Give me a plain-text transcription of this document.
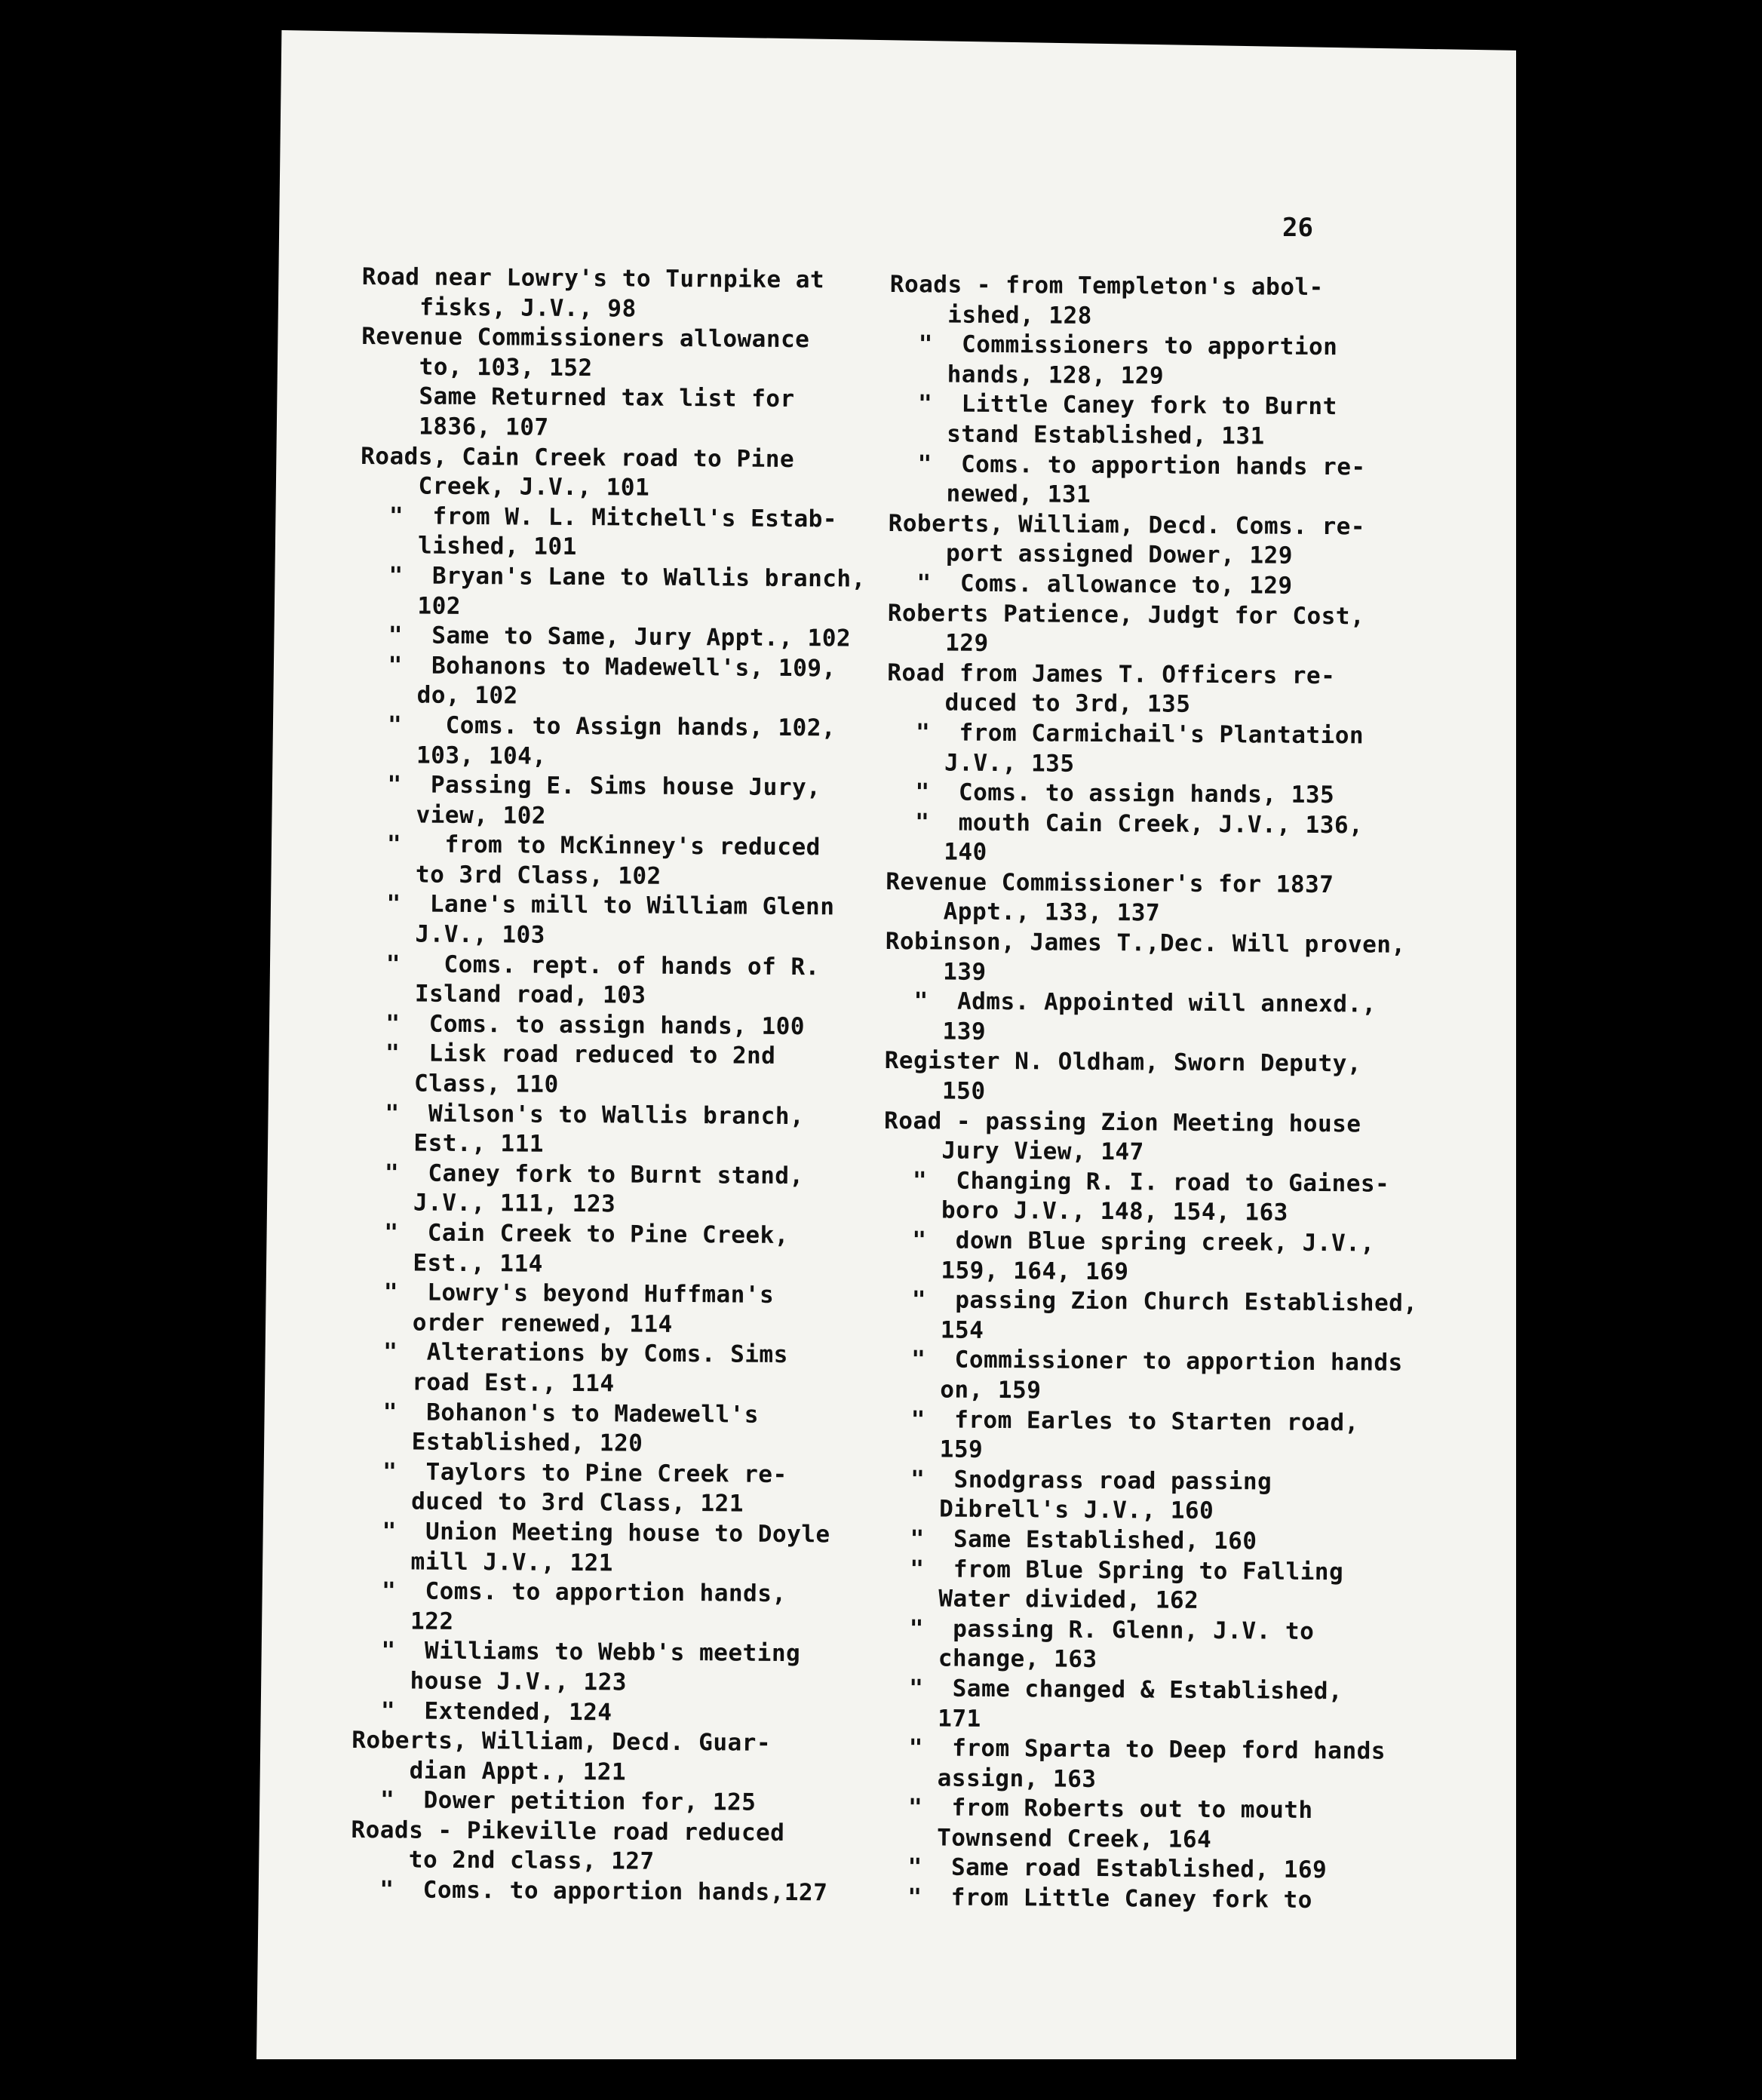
26
Road near Lowry's to Turnpike at
fisks, J.V., 98
Revenue Commissioners allowance
to, 103, 152
Same Returned tax list for
1836, 107
Roads, Cain Creek road to Pine
Creek, J.V., 101
"  from W. L. Mitchell's Estab-
lished, 101
"  Bryan's Lane to Wallis branch,
102
"  Same to Same, Jury Appt., 102
"  Bohanons to Madewell's, 109,
do, 102
"   Coms. to Assign hands, 102,
103, 104,
"  Passing E. Sims house Jury,
view, 102
"   from to McKinney's reduced
to 3rd Class, 102
"  Lane's mill to William Glenn
J.V., 103
"   Coms. rept. of hands of R.
Island road, 103
"  Coms. to assign hands, 100
"  Lisk road reduced to 2nd
Class, 110
"  Wilson's to Wallis branch,
Est., 111
"  Caney fork to Burnt stand,
J.V., 111, 123
"  Cain Creek to Pine Creek,
Est., 114
"  Lowry's beyond Huffman's
order renewed, 114
"  Alterations by Coms. Sims
road Est., 114
"  Bohanon's to Madewell's
Established, 120
"  Taylors to Pine Creek re-
duced to 3rd Class, 121
"  Union Meeting house to Doyle
mill J.V., 121
"  Coms. to apportion hands,
122
"  Williams to Webb's meeting
house J.V., 123
"  Extended, 124
Roberts, William, Decd. Guar-
dian Appt., 121
"  Dower petition for, 125
Roads - Pikeville road reduced
to 2nd class, 127
"  Coms. to apportion hands,127
Roads - from Templeton's abol-
ished, 128
"  Commissioners to apportion
hands, 128, 129
"  Little Caney fork to Burnt
stand Established, 131
"  Coms. to apportion hands re-
newed, 131
Roberts, William, Decd. Coms. re-
port assigned Dower, 129
"  Coms. allowance to, 129
Roberts Patience, Judgt for Cost,
129
Road from James T. Officers re-
duced to 3rd, 135
"  from Carmichail's Plantation
J.V., 135
"  Coms. to assign hands, 135
"  mouth Cain Creek, J.V., 136,
140
Revenue Commissioner's for 1837
Appt., 133, 137
Robinson, James T.,Dec. Will proven,
139
"  Adms. Appointed will annexd.,
139
Register N. Oldham, Sworn Deputy,
150
Road - passing Zion Meeting house
Jury View, 147
"  Changing R. I. road to Gaines-
boro J.V., 148, 154, 163
"  down Blue spring creek, J.V.,
159, 164, 169
"  passing Zion Church Established,
154
"  Commissioner to apportion hands
on, 159
"  from Earles to Starten road,
159
"  Snodgrass road passing
Dibrell's J.V., 160
"  Same Established, 160
"  from Blue Spring to Falling
Water divided, 162
"  passing R. Glenn, J.V. to
change, 163
"  Same changed & Established,
171
"  from Sparta to Deep ford hands
assign, 163
"  from Roberts out to mouth
Townsend Creek, 164
"  Same road Established, 169
"  from Little Caney fork to
